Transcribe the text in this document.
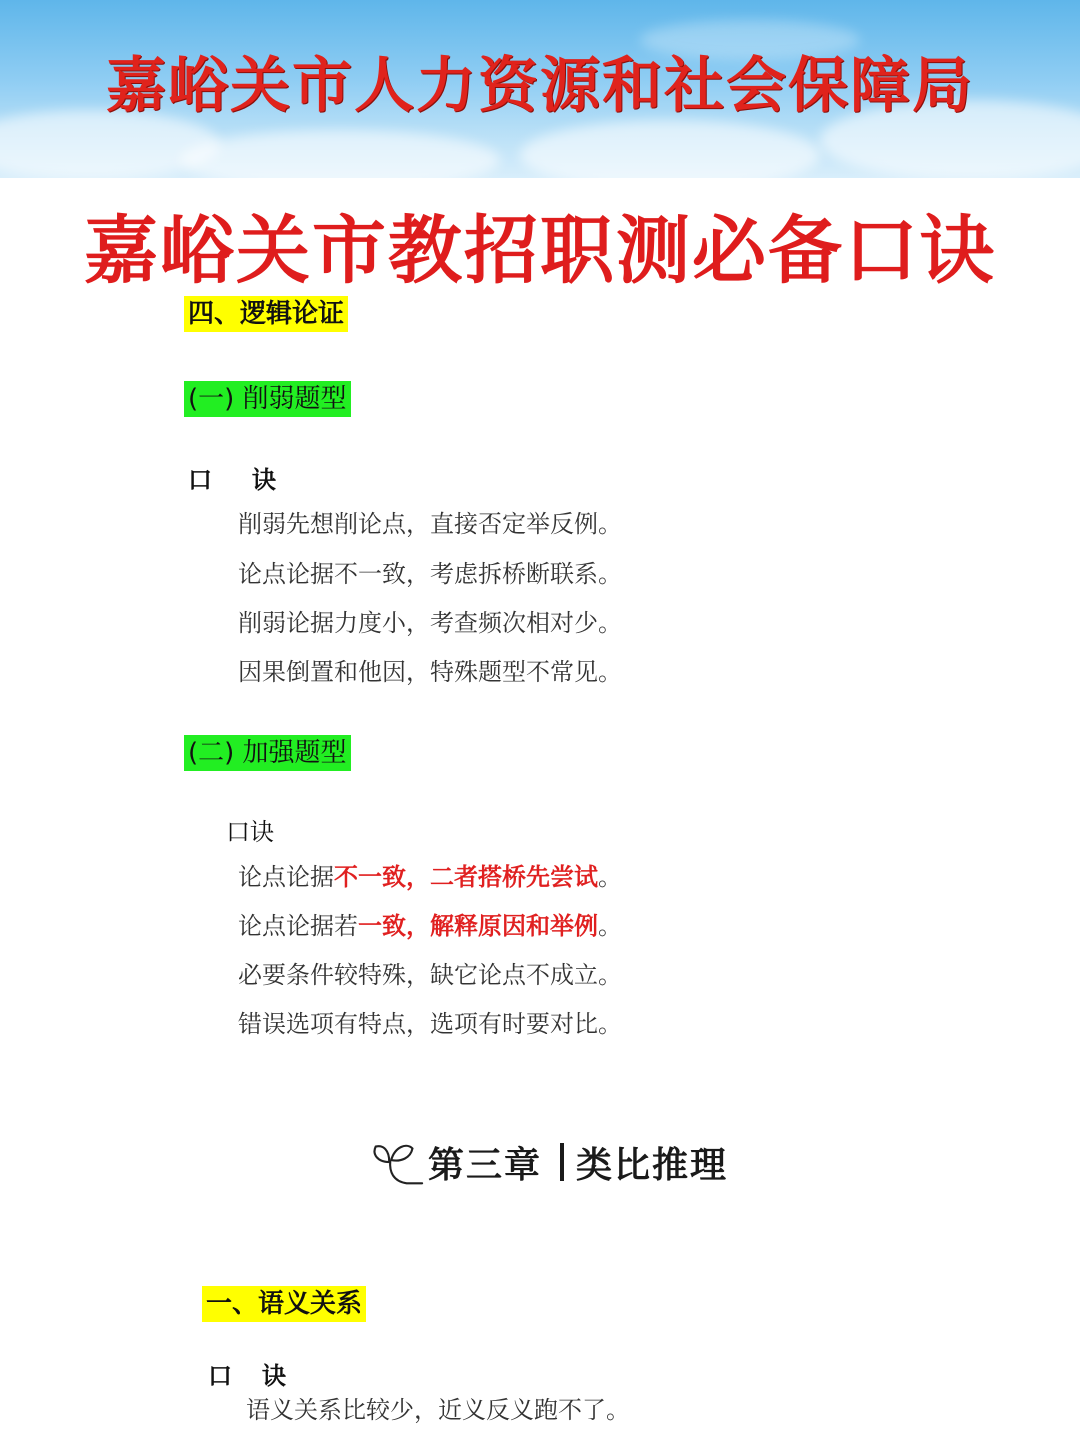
嘉峪关市人力资源和社会保障局
嘉峪关市教招职测必备口诀
四、逻辑论证
(一) 削弱题型
口 诀
削弱先想削论点，直接否定举反例。
论点论据不一致，考虑拆桥断联系。
削弱论据力度小，考查频次相对少。
因果倒置和他因，特殊题型不常见。
(二) 加强题型
口诀
论点论据不一致，二者搭桥先尝试。
论点论据若一致，解释原因和举例。
必要条件较特殊，缺它论点不成立。
错误选项有特点，选项有时要对比。
第三章 类比推理
一、语义关系
口 诀
语义关系比较少，近义反义跑不了。
